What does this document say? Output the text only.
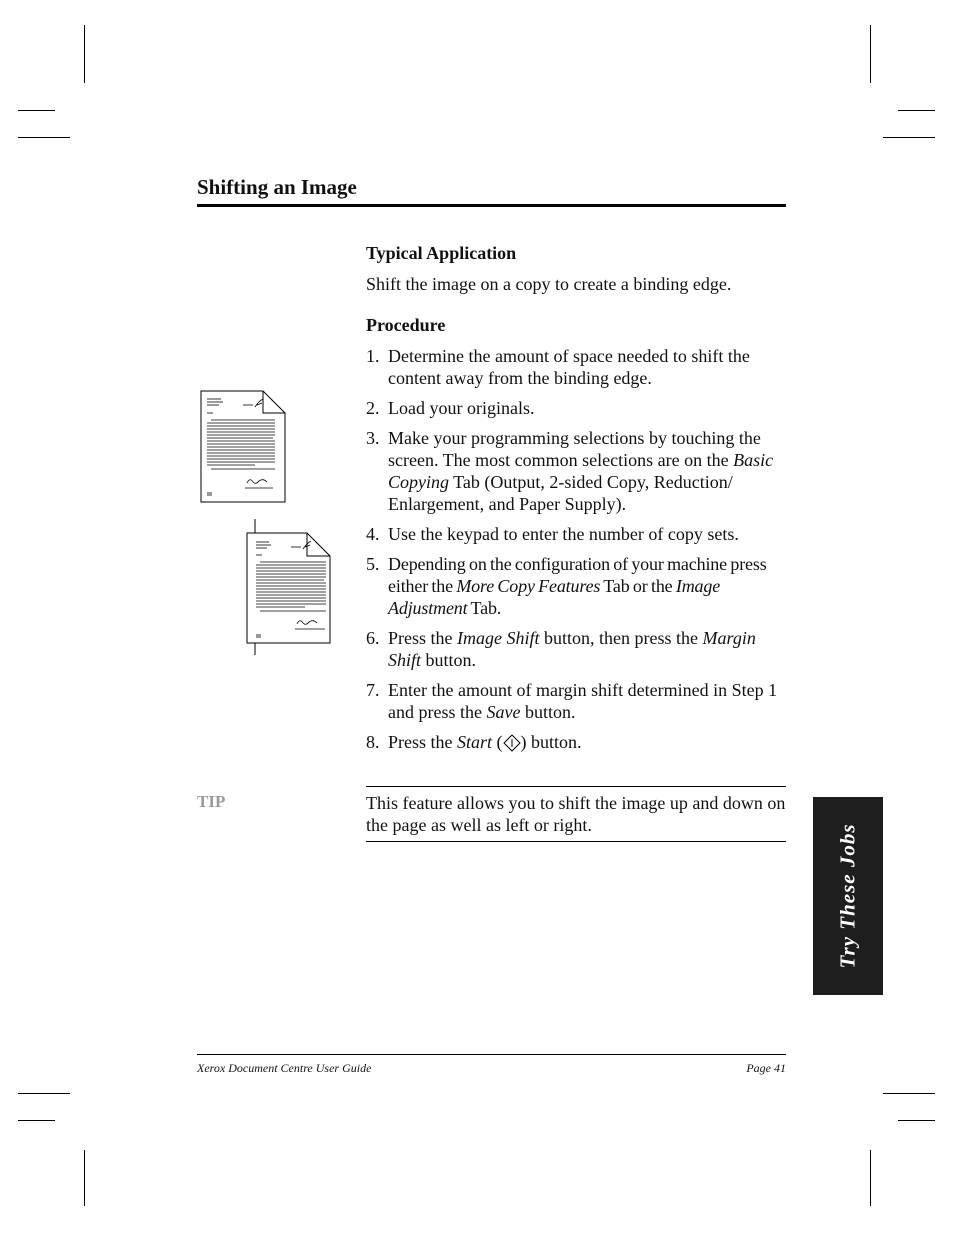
Shifting an Image
Typical Application
Shift the image on a copy to create a binding edge.
Procedure
1. Determine the amount of space needed to shift the content away from the binding edge.
2. Load your originals.
3. Make your programming selections by touching the screen. The most common selections are on the Basic Copying Tab (Output, 2-sided Copy, Reduction/ Enlargement, and Paper Supply).
4. Use the keypad to enter the number of copy sets.
5. Depending on the configuration of your machine press either the More Copy Features Tab or the Image Adjustment Tab.
6. Press the Image Shift button, then press the Margin Shift button.
7. Enter the amount of margin shift determined in Step 1 and press the Save button.
8. Press the Start ( ) button.
TIP	This feature allows you to shift the image up and down on the page as well as left or right.	Try These Jobs
Xerox Document Centre User Guide	Page 41
